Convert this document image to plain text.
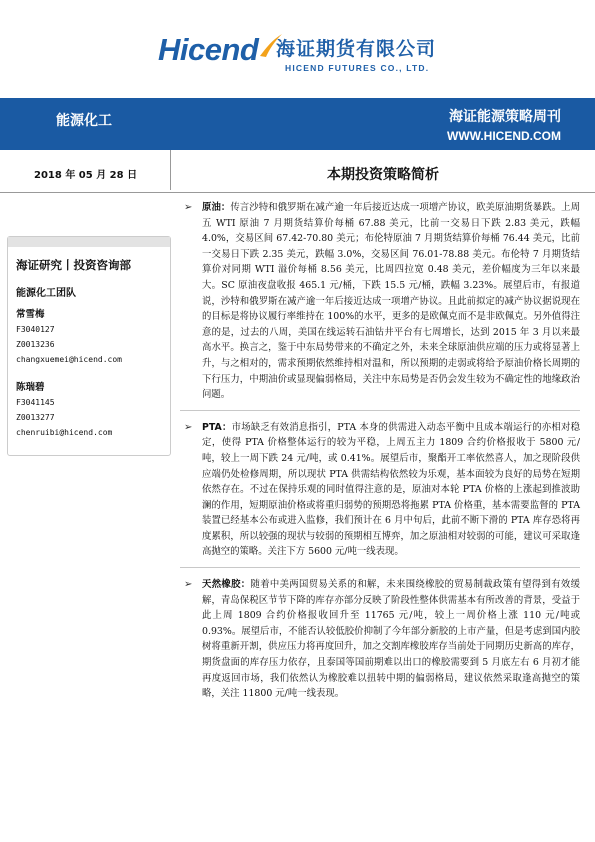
Hicend 海证期货有限公司
HICEND FUTURES CO., LTD.
能源化工	海证能源策略周刊
WWW.HICEND.COM
2018 年 05 月 28 日	本期投资策略简析
海证研究丨投资咨询部
能源化工团队
常雪梅
F3040127
Z0013236
changxuemei@hicend.com
陈瑞碧
F3041145
Z0013277
chenruibi@hicend.com
➢ 原油：传言沙特和俄罗斯在减产逾一年后接近达成一项增产协议，欧美原油期货暴跌。上周五 WTI 原油 7 月期货结算价每桶 67.88 美元，比前一交易日下跌 2.83 美元，跌幅 4.0%，交易区间 67.42-70.80 美元；布伦特原油 7 月期货结算价每桶 76.44 美元，比前一交易日下跌 2.35 美元，跌幅 3.0%，交易区间 76.01-78.88 美元。布伦特 7 月期货结算价对同期 WTI 溢价每桶 8.56 美元，比周四拉宽 0.48 美元，差价幅度为三年以来最大。SC 原油夜盘收报 465.1 元/桶，下跌 15.5 元/桶，跌幅 3.23%。展望后市，有报道说，沙特和俄罗斯在减产逾一年后接近达成一项增产协议。且此前拟定的减产协议据说现在的目标是将协议履行率维持在 100%的水平，更多的是欧佩克而不是非欧佩克。另外值得注意的是，过去的八周，美国在线运转石油钻井平台有七周增长，达到 2015 年 3 月以来最高水平。换言之，鉴于中东局势带来的不确定之外，未来全球原油供应端的压力或将显著上升，与之相对的，需求预期依然维持相对温和，所以预期的走弱或将给予原油价格长周期的下行压力，中期油价或显现偏弱格局，关注中东局势是否仍会发生较为不确定性的地缘政治问题。

➢ PTA：市场缺乏有效消息指引，PTA 本身的供需进入动态平衡中且成本端运行的亦相对稳定，使得 PTA 价格整体运行的较为平稳，上周五主力 1809 合约价格报收于 5800 元/吨，较上一周下跌 24 元/吨，或 0.41%。展望后市，聚酯开工率依然喜人，加之现阶段供应端仍处检修周期，所以现状 PTA 供需结构依然较为乐观，基本面较为良好的局势在短期依然存在。不过在保持乐观的同时值得注意的是，原油对本轮 PTA 价格的上涨起到推波助澜的作用，短期原油价格或将重归弱势的预期恐将拖累 PTA 价格重，基本需要监督的 PTA 装置已经基本公布或进入监修，我们预计在 6 月中旬后，此前不断下滑的 PTA 库存恐将再度累积，所以较强的现状与较弱的预期相互博弈，加之原油相对较弱的可能，建议可采取逢高抛空的策略。关注下方 5600 元/吨一线表现。

➢ 天然橡胶：随着中美两国贸易关系的和解，未来围绕橡胶的贸易制裁政策有望得到有效缓解，青岛保税区节节下降的库存亦部分反映了阶段性整体供需基本有所改善的背景，受益于此上周 1809 合约价格报收回升至 11765 元/吨，较上一周价格上涨 110 元/吨或 0.93%。展望后市，不能否认较低胶价抑制了今年部分新胶的上市产量，但是考虑到国内胶树将重新开割，供应压力将再度回升，加之交割库橡胶库存当前处于同期历史新高的库存，期货盘面的库存压力依存，且泰国等国前期难以出口的橡胶需要到 5 月底左右 6 月初才能再度返回市场，我们依然认为橡胶难以扭转中期的偏弱格局，建议依然采取逢高抛空的策略，关注 11800 元/吨一线表现。
